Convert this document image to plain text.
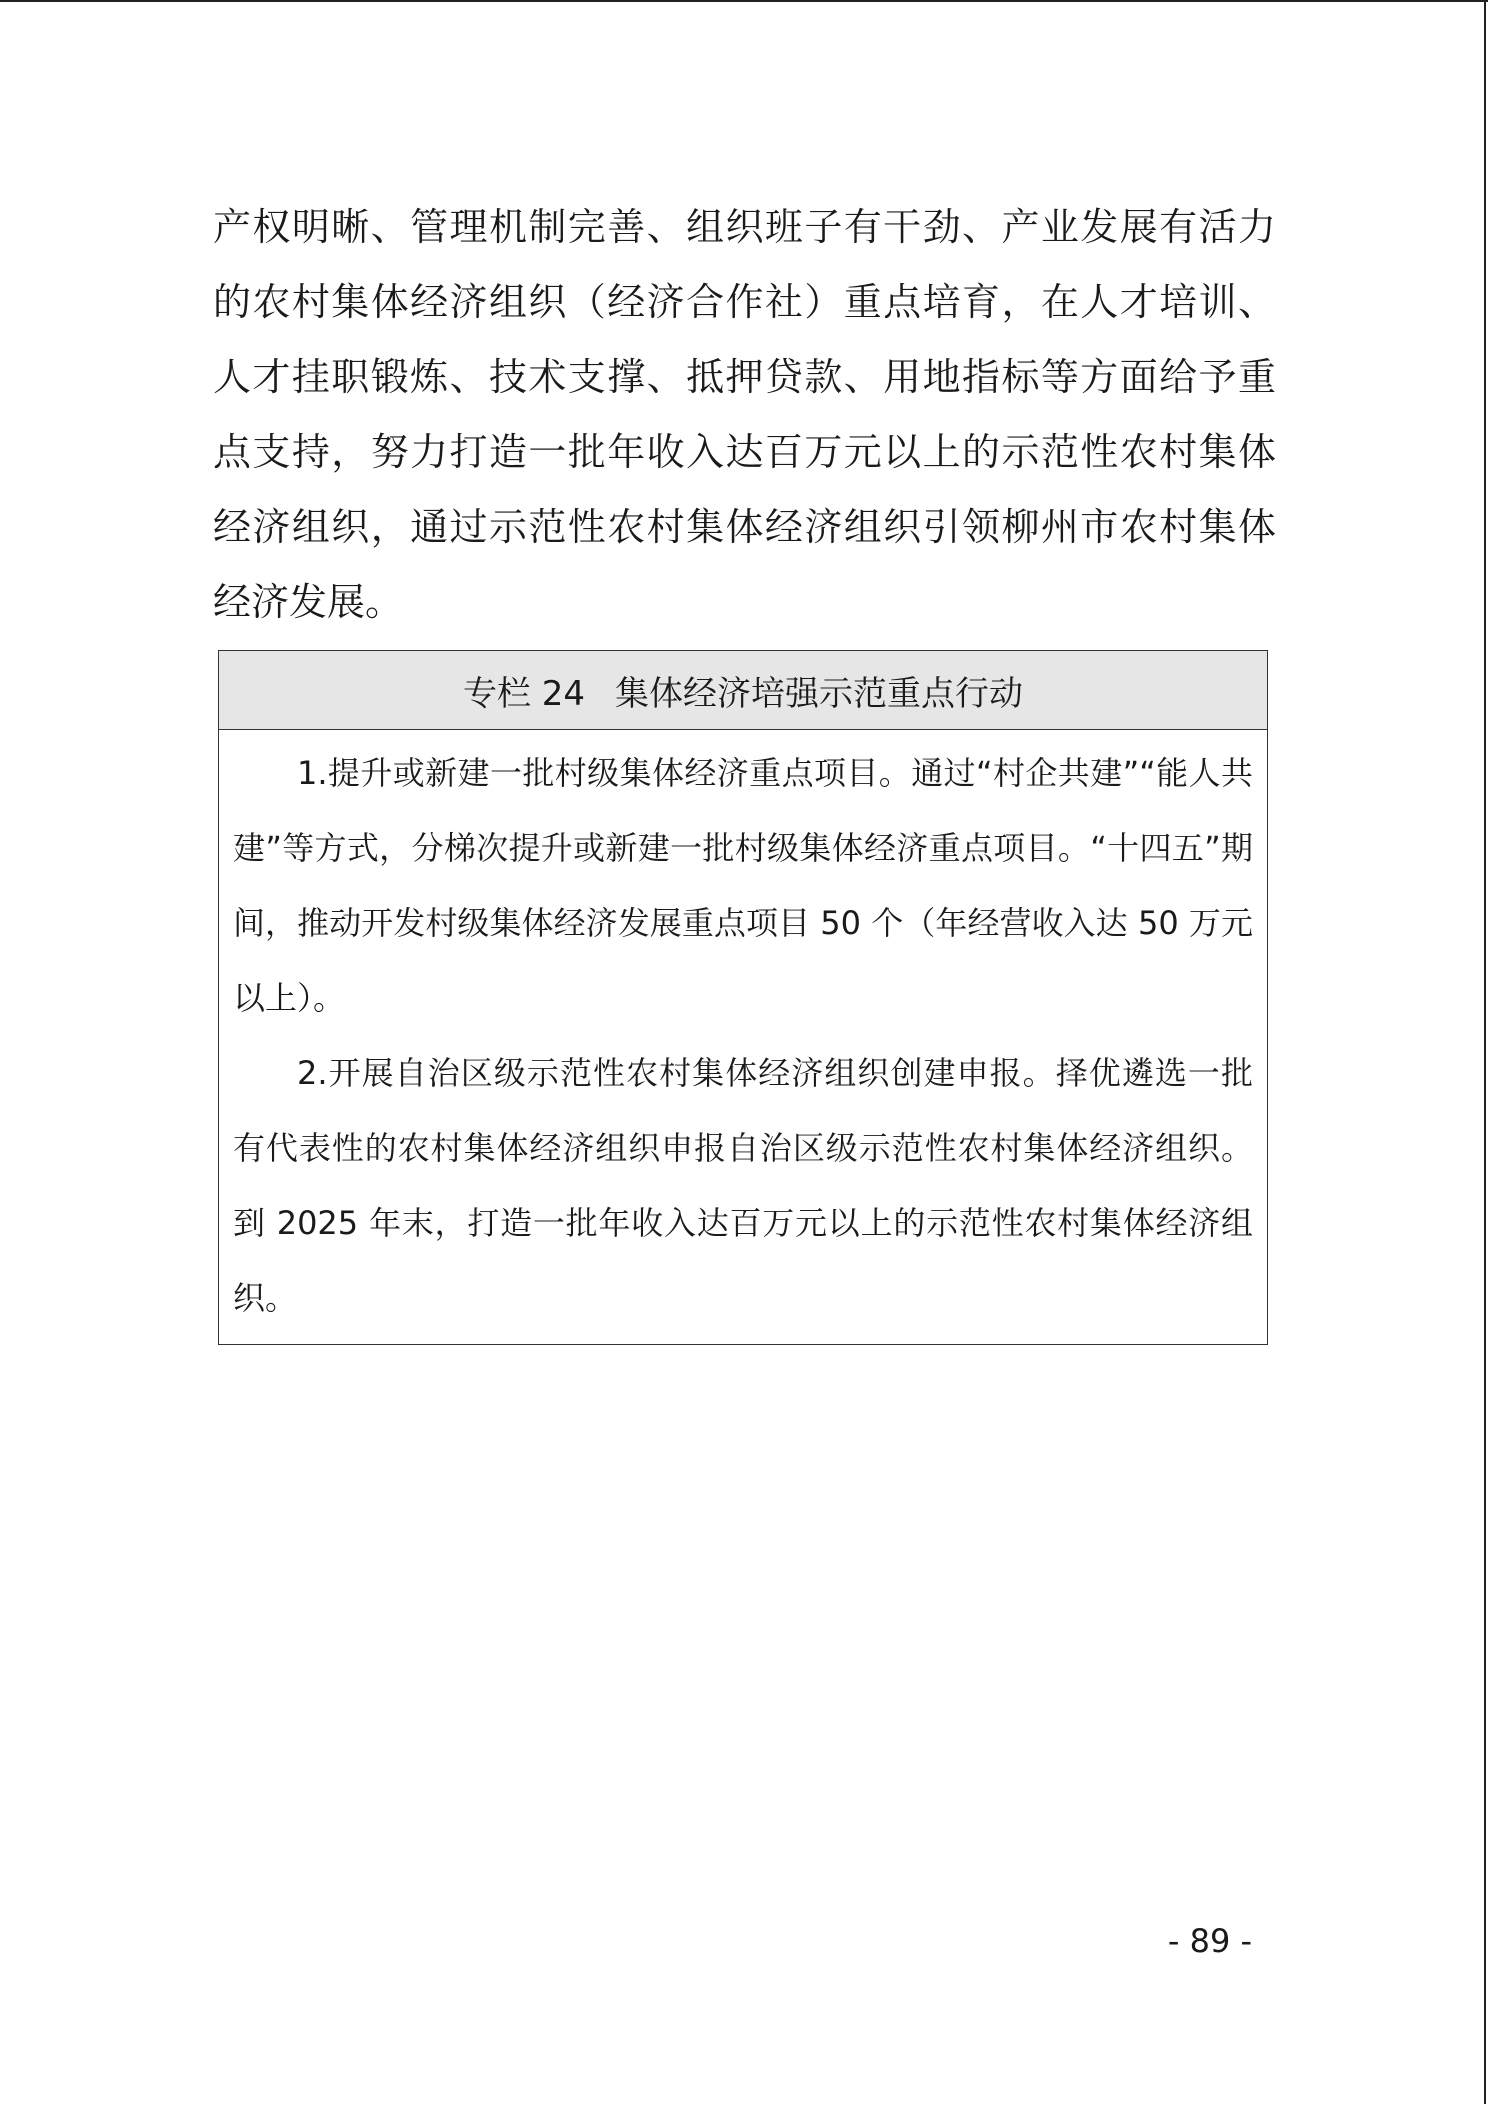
产权明晰、管理机制完善、组织班子有干劲、产业发展有活力的农村集体经济组织（经济合作社）重点培育，在人才培训、人才挂职锻炼、技术支撑、抵押贷款、用地指标等方面给予重点支持，努力打造一批年收入达百万元以上的示范性农村集体经济组织，通过示范性农村集体经济组织引领柳州市农村集体经济发展。

专栏 24 集体经济培强示范重点行动

1.提升或新建一批村级集体经济重点项目。通过“村企共建”“能人共建”等方式，分梯次提升或新建一批村级集体经济重点项目。“十四五”期间，推动开发村级集体经济发展重点项目 50 个（年经营收入达 50 万元以上）。

2.开展自治区级示范性农村集体经济组织创建申报。择优遴选一批有代表性的农村集体经济组织申报自治区级示范性农村集体经济组织。到 2025 年末，打造一批年收入达百万元以上的示范性农村集体经济组织。

- 89 -
